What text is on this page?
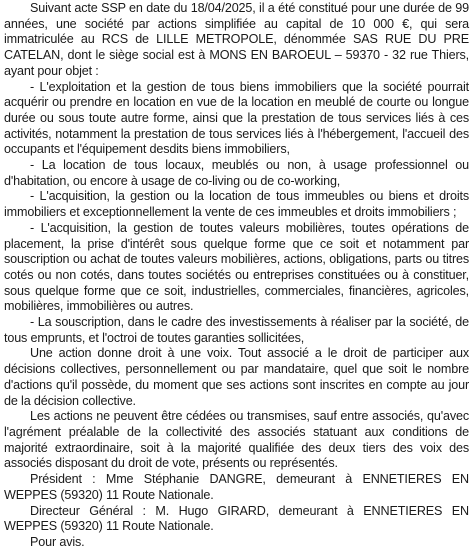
Suivant acte SSP en date du 18/04/2025, il a été constitué pour une durée de 99 années, une société par actions simplifiée au capital de 10 000 €, qui sera immatriculée au RCS de LILLE METROPOLE, dénommée SAS RUE DU PRE CATELAN, dont le siège social est à MONS EN BAROEUL – 59370 - 32 rue Thiers, ayant pour objet :

- L'exploitation et la gestion de tous biens immobiliers que la société pourrait acquérir ou prendre en location en vue de la location en meublé de courte ou longue durée ou sous toute autre forme, ainsi que la prestation de tous services liés à ces activités, notamment la prestation de tous services liés à l'hébergement, l'accueil des occupants et l'équipement desdits biens immobiliers,

- La location de tous locaux, meublés ou non, à usage professionnel ou d'habitation, ou encore à usage de co-living ou de co-working,

- L'acquisition, la gestion ou la location de tous immeubles ou biens et droits immobiliers et exceptionnellement la vente de ces immeubles et droits immobiliers ;

- L'acquisition, la gestion de toutes valeurs mobilières, toutes opérations de placement, la prise d'intérêt sous quelque forme que ce soit et notamment par souscription ou achat de toutes valeurs mobilières, actions, obligations, parts ou titres cotés ou non cotés, dans toutes sociétés ou entreprises constituées ou à constituer, sous quelque forme que ce soit, industrielles, commerciales, financières, agricoles, mobilières, immobilières ou autres.

- La souscription, dans le cadre des investissements à réaliser par la société, de tous emprunts, et l'octroi de toutes garanties sollicitées,

Une action donne droit à une voix. Tout associé a le droit de participer aux décisions collectives, personnellement ou par mandataire, quel que soit le nombre d'actions qu'il possède, du moment que ses actions sont inscrites en compte au jour de la décision collective.

Les actions ne peuvent être cédées ou transmises, sauf entre associés, qu'avec l'agrément préalable de la collectivité des associés statuant aux conditions de majorité extraordinaire, soit à la majorité qualifiée des deux tiers des voix des associés disposant du droit de vote, présents ou représentés.

Président : Mme Stéphanie DANGRE, demeurant à ENNETIERES EN WEPPES (59320) 11 Route Nationale.

Directeur Général : M. Hugo GIRARD, demeurant à ENNETIERES EN WEPPES (59320) 11 Route Nationale.

Pour avis.
